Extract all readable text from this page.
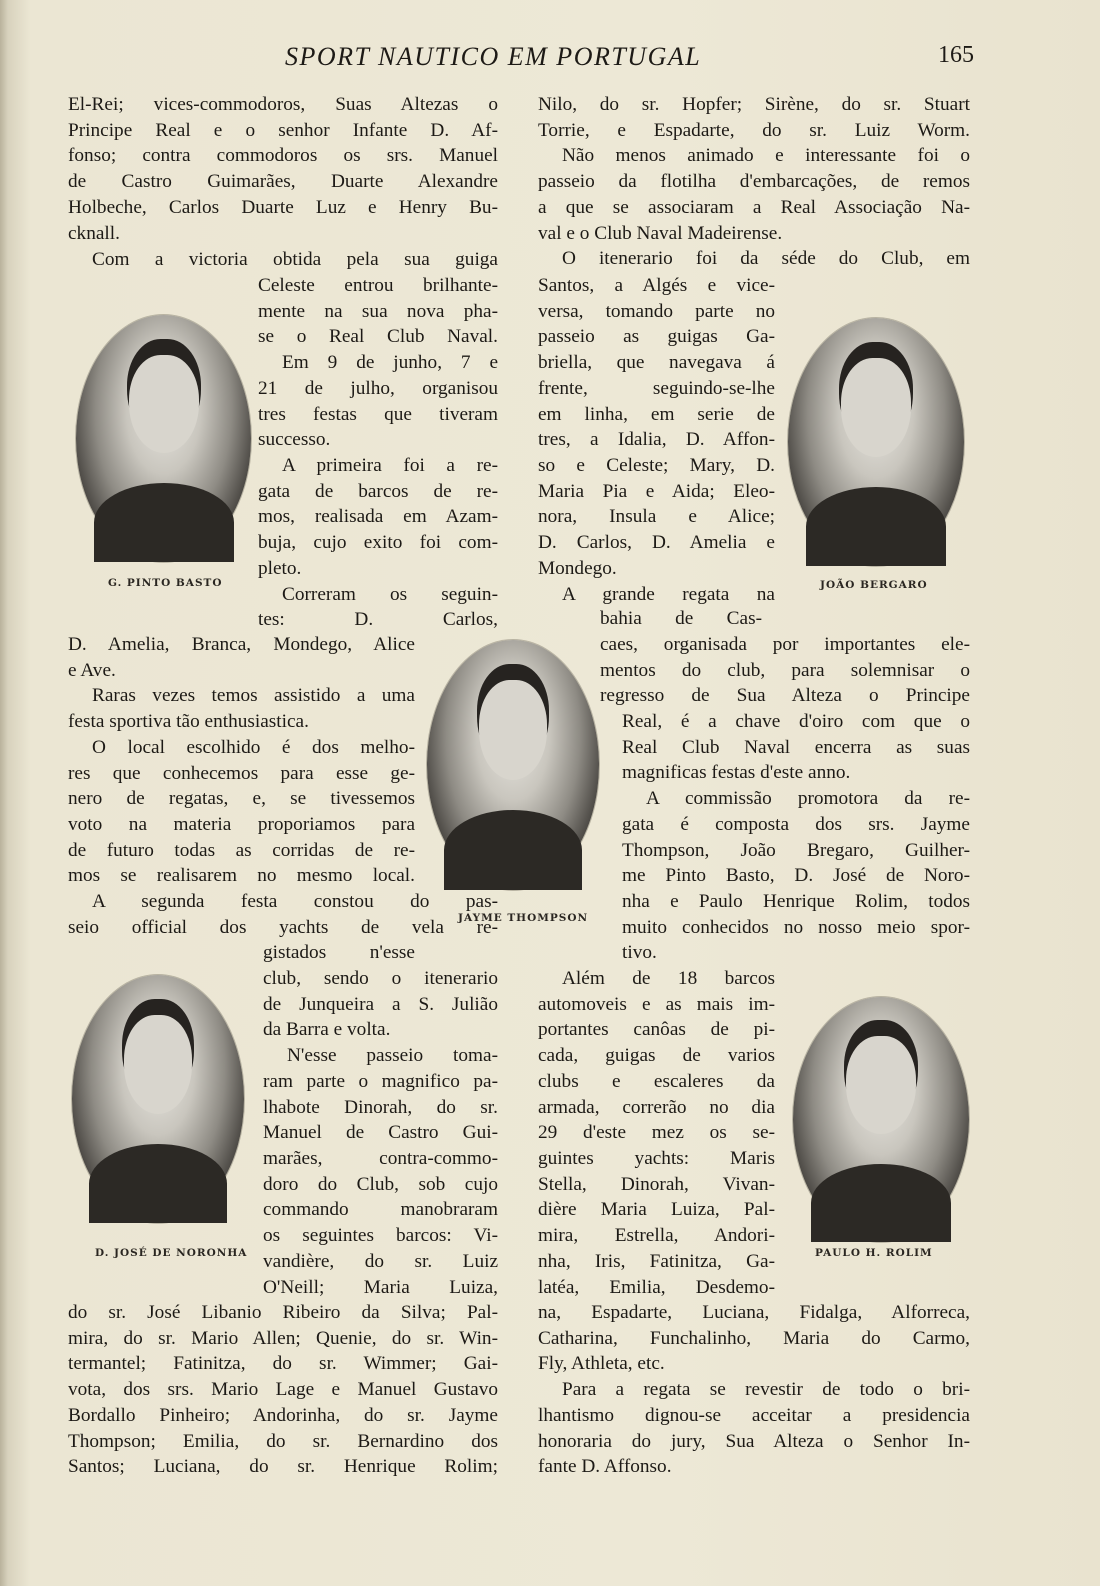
SPORT NAUTICO EM PORTUGAL	165
El-Rei; vices-commodoros, Suas Altezas o
Principe Real e o senhor Infante D. Af-
fonso; contra commodoros os srs. Manuel
de Castro Guimarães, Duarte Alexandre
Holbeche, Carlos Duarte Luz e Henry Bu-
cknall.
Com a victoria obtida pela sua guiga
Celeste entrou brilhante-
mente na sua nova pha-
se o Real Club Naval.
Em 9 de junho, 7 e
21 de julho, organisou
tres festas que tiveram
successo.
A primeira foi a re-
gata de barcos de re-
mos, realisada em Azam-
buja, cujo exito foi com-
pleto.
Correram os seguin-
tes: D. Carlos,
D. Amelia, Branca, Mondego, Alice
e Ave.
Raras vezes temos assistido a uma
festa sportiva tão enthusiastica.
O local escolhido é dos melho-
res que conhecemos para esse ge-
nero de regatas, e, se tivessemos
voto na materia proporiamos para
de futuro todas as corridas de re-
mos se realisarem no mesmo local.
A segunda festa constou do pas-
seio official dos yachts de vela re-
gistados n'esse
club, sendo o itenerario
de Junqueira a S. Julião
da Barra e volta.
N'esse passeio toma-
ram parte o magnifico pa-
lhabote Dinorah, do sr.
Manuel de Castro Gui-
marães, contra-commo-
doro do Club, sob cujo
commando manobraram
os seguintes barcos: Vi-
vandière, do sr. Luiz
O'Neill; Maria Luiza,
do sr. José Libanio Ribeiro da Silva; Pal-
mira, do sr. Mario Allen; Quenie, do sr. Win-
termantel; Fatinitza, do sr. Wimmer; Gai-
vota, dos srs. Mario Lage e Manuel Gustavo
Bordallo Pinheiro; Andorinha, do sr. Jayme
Thompson; Emilia, do sr. Bernardino dos
Santos; Luciana, do sr. Henrique Rolim;
Nilo, do sr. Hopfer; Sirène, do sr. Stuart
Torrie, e Espadarte, do sr. Luiz Worm.
Não menos animado e interessante foi o
passeio da flotilha d'embarcações, de remos
a que se associaram a Real Associação Na-
val e o Club Naval Madeirense.
O itenerario foi da séde do Club, em
Santos, a Algés e vice-
versa, tomando parte no
passeio as guigas Ga-
briella, que navegava á
frente, seguindo-se-lhe
em linha, em serie de
tres, a Idalia, D. Affon-
so e Celeste; Mary, D.
Maria Pia e Aida; Eleo-
nora, Insula e Alice;
D. Carlos, D. Amelia e
Mondego.
A grande regata na
bahia de Cas-
caes, organisada por importantes ele-
mentos do club, para solemnisar o
regresso de Sua Alteza o Principe
Real, é a chave d'oiro com que o
Real Club Naval encerra as suas
magnificas festas d'este anno.
A commissão promotora da re-
gata é composta dos srs. Jayme
Thompson, João Bregaro, Guilher-
me Pinto Basto, D. José de Noro-
nha e Paulo Henrique Rolim, todos
muito conhecidos no nosso meio spor-
tivo.
Além de 18 barcos
automoveis e as mais im-
portantes canôas de pi-
cada, guigas de varios
clubs e escaleres da
armada, correrão no dia
29 d'este mez os se-
guintes yachts: Maris
Stella, Dinorah, Vivan-
dière Maria Luiza, Pal-
mira, Estrella, Andori-
nha, Iris, Fatinitza, Ga-
latéa, Emilia, Desdemo-
na, Espadarte, Luciana, Fidalga, Alforreca,
Catharina, Funchalinho, Maria do Carmo,
Fly, Athleta, etc.
Para a regata se revestir de todo o bri-
lhantismo dignou-se acceitar a presidencia
honoraria do jury, Sua Alteza o Senhor In-
fante D. Affonso.
G. PINTO BASTO	JOÃO BERGARO
JAYME THOMPSON
D. JOSÉ DE NORONHA	PAULO H. ROLIM
